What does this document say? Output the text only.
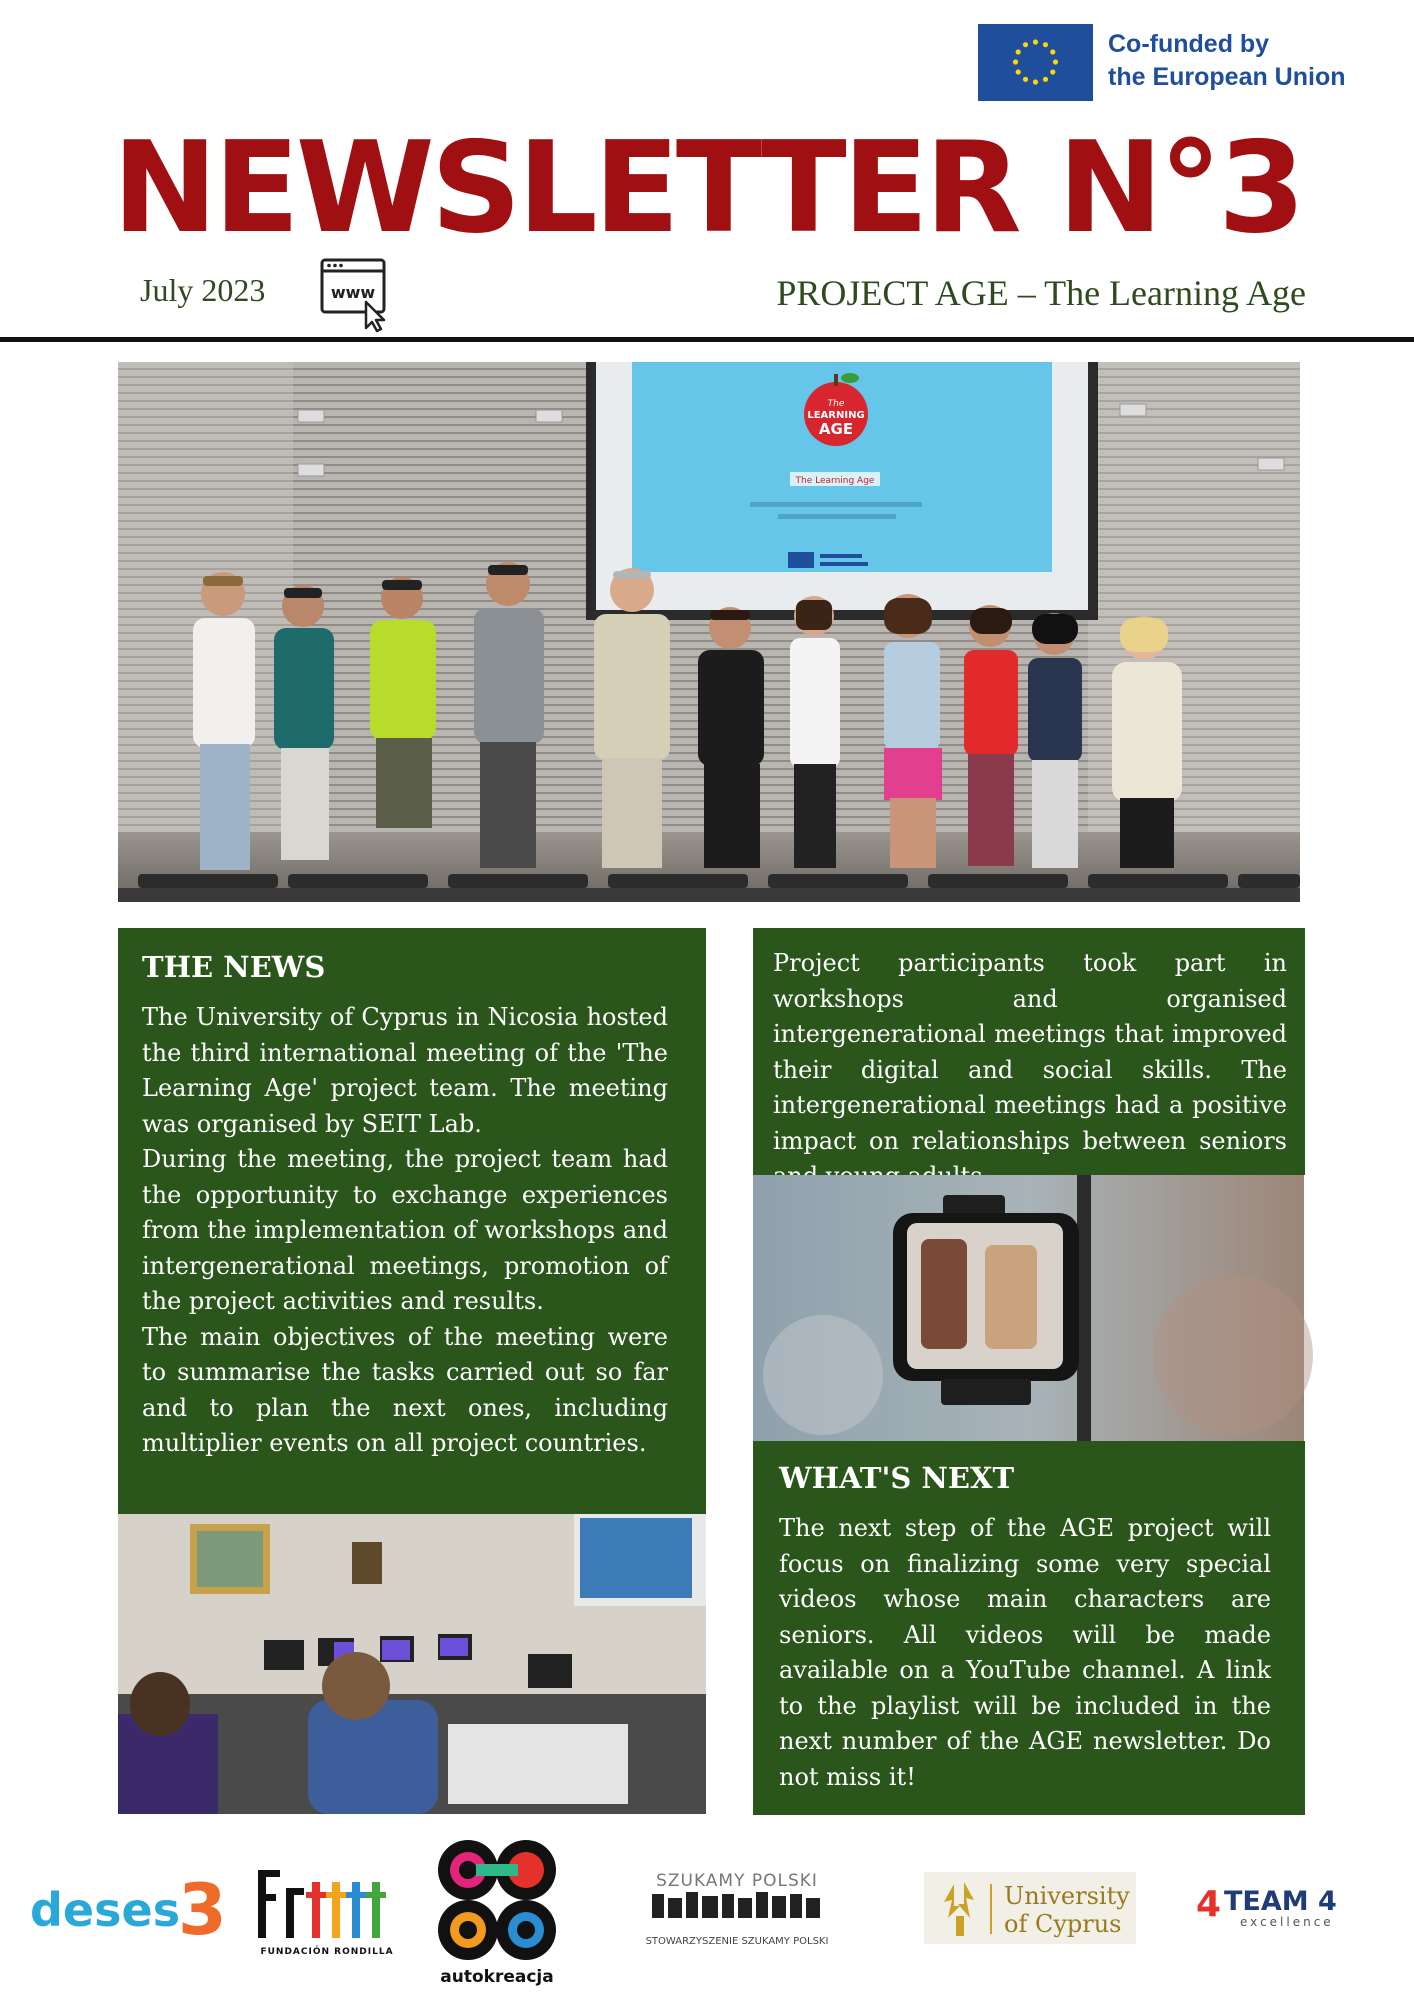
Co-funded by
the European Union
NEWSLETTER N°3
July 2023	www	PROJECT AGE – The Learning Age
The
LEARNING
AGE
The Learning Age
THE NEWS

The University of Cyprus in Nicosia hosted the third international meeting of the 'The Learning Age' project team. The meeting was organised by SEIT Lab.

During the meeting, the project team had the opportunity to exchange experiences from the implementation of workshops and intergenerational meetings, promotion of the project activities and results.

The main objectives of the meeting were to summarise the tasks carried out so far and to plan the next ones, including multiplier events on all project countries.

Project participants took part in workshops and organised intergenerational meetings that improved their digital and social skills. The intergenerational meetings had a positive impact on relationships between seniors

WHAT'S NEXT

The next step of the AGE project will focus on finalizing some very special videos whose main characters are seniors. All videos will be made available on a YouTube channel. A link to the playlist will be included in the next number of the AGE newsletter. Do not miss it!

deses
3
FUNDACIÓN RONDILLA
autokreacja
SZUKAMY POLSKI
STOWARZYSZENIE SZUKAMY POLSKI
University
of Cyprus 4 TEAM 4
excellence
